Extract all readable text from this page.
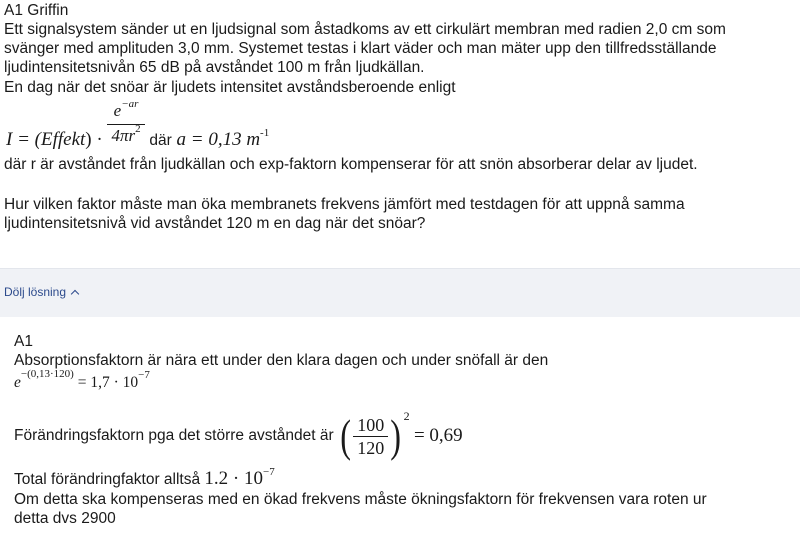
A1 Griffin
Ett signalsystem sänder ut en ljudsignal som åstadkoms av ett cirkulärt membran med radien 2,0 cm som
svänger med amplituden 3,0 mm. Systemet testas i klart väder och man mäter upp den tillfredsställande
ljudintensitetsnivån 65 dB på avståndet 100 m från ljudkällan.
En dag när det snöar är ljudets intensitet avståndsberoende enligt
I = (Effekt) · $\frac{e^{-ar}}{4\pi r^2} _{där}$ a = 0,13 $m^{-1}$
där r är avståndet från ljudkällan och exp-faktorn kompenserar för att snön absorberar delar av ljudet.
Hur vilken faktor måste man öka membranets frekvens jämfört med testdagen för att uppnå samma
ljudintensitetsnivå vid avståndet 120 m en dag när det snöar?
Dölj lösning
A1
Absorptionsfaktorn är nära ett under den klara dagen och under snöfall är den
$e^{-(0,13\cdot 120)} = 1,7 \cdot 10^{-7}$
Förändringsfaktorn pga det större avståndet är ( $\frac{100}{120}$ ) $^2$ = 0,69
Total förändringfaktor alltså $1.2 \cdot 10^{-7}$
Om detta ska kompenseras med en ökad frekvens måste ökningsfaktorn för frekvensen vara roten ur
detta dvs 2900
